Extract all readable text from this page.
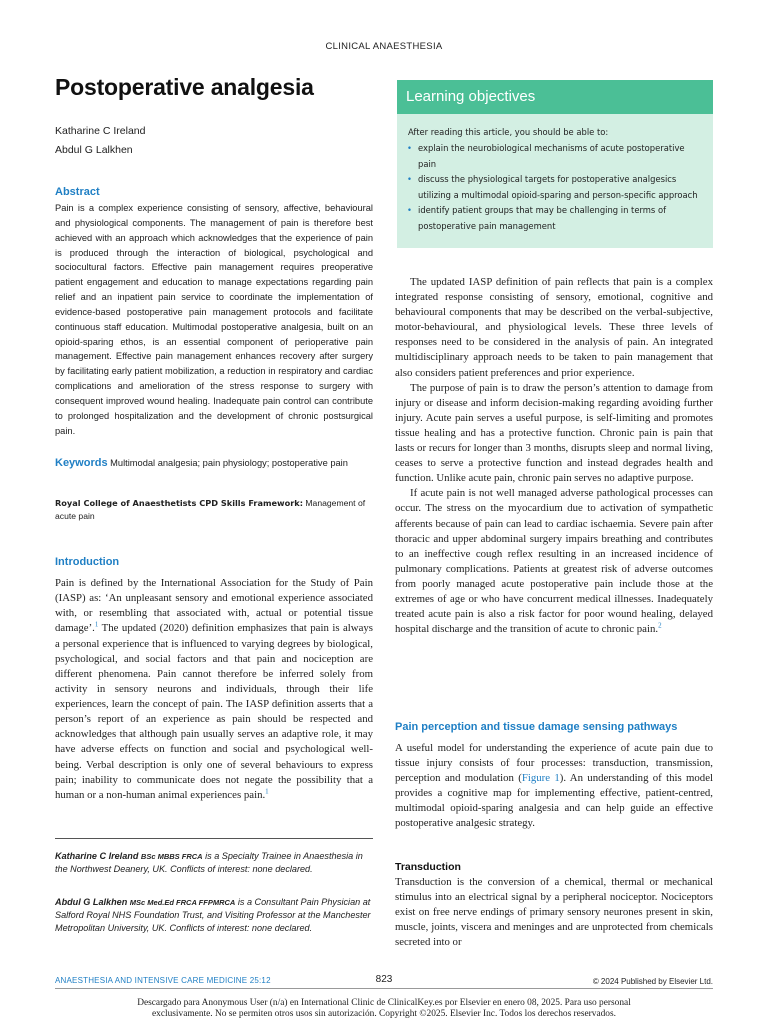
CLINICAL ANAESTHESIA
Postoperative analgesia
Katharine C Ireland
Abdul G Lalkhen
Abstract
Pain is a complex experience consisting of sensory, affective, behavioural and physiological components. The management of pain is therefore best achieved with an approach which acknowledges that the experience of pain is produced through the interaction of biological, psychological and sociocultural factors. Effective pain management requires preoperative patient engagement and education to manage expectations regarding pain relief and an inpatient pain service to coordinate the implementation of evidence-based postoperative pain management protocols and facilitate continuous staff education. Multimodal postoperative analgesia, built on an opioid-sparing ethos, is an essential component of perioperative pain management. Effective pain management enhances recovery after surgery by facilitating early patient mobilization, a reduction in respiratory and cardiac complications and amelioration of the stress response to surgery with consequent improved wound healing. Inadequate pain control can contribute to prolonged hospitalization and the development of chronic postsurgical pain.
Keywords Multimodal analgesia; pain physiology; postoperative pain
Royal College of Anaesthetists CPD Skills Framework: Management of acute pain
Introduction
Pain is defined by the International Association for the Study of Pain (IASP) as: ‘An unpleasant sensory and emotional experience associated with, or resembling that associated with, actual or potential tissue damage’.$^1$ The updated (2020) definition emphasizes that pain is always a personal experience that is influenced to varying degrees by biological, psychological, and social factors and that pain and nociception are different phenomena. Pain cannot therefore be inferred solely from activity in sensory neurons and individuals, through their life experiences, learn the concept of pain. The IASP definition asserts that a person’s report of an experience as pain should be respected and acknowledges that although pain usually serves an adaptive role, it may have adverse effects on function and social and psychological well-being. Verbal description is only one of several behaviours to express pain; inability to communicate does not negate the possibility that a human or a non-human animal experiences pain.$^1$
Katharine C Ireland BSc MBBS FRCA is a Specialty Trainee in Anaesthesia in the Northwest Deanery, UK. Conflicts of interest: none declared.
Abdul G Lalkhen MSc Med.Ed FRCA FFPMRCA is a Consultant Pain Physician at Salford Royal NHS Foundation Trust, and Visiting Professor at the Manchester Metropolitan University, UK. Conflicts of interest: none declared.
Learning objectives
After reading this article, you should be able to:
• explain the neurobiological mechanisms of acute postoperative pain
• discuss the physiological targets for postoperative analgesics utilizing a multimodal opioid-sparing and person-specific approach
• identify patient groups that may be challenging in terms of postoperative pain management

The updated IASP definition of pain reflects that pain is a complex integrated response consisting of sensory, emotional, cognitive and behavioural components that may be described on the verbal-subjective, motor-behavioural, and physiological levels. These three levels of responses need to be considered in the analysis of pain. An integrated multidisciplinary approach needs to be taken to pain management that also considers patient preferences and prior experience.

The purpose of pain is to draw the person’s attention to damage from injury or disease and inform decision-making regarding avoiding further injury. Acute pain serves a useful purpose, is self-limiting and promotes tissue healing and has a protective function. Chronic pain is pain that lasts or recurs for longer than 3 months, disrupts sleep and normal living, ceases to serve a protective function and instead degrades health and function. Unlike acute pain, chronic pain serves no adaptive purpose.

If acute pain is not well managed adverse pathological processes can occur. The stress on the myocardium due to activation of sympathetic afferents because of pain can lead to cardiac ischaemia. Severe pain after thoracic and upper abdominal surgery impairs breathing and contributes to an ineffective cough reflex resulting in an increased incidence of pulmonary complications. Patients at greatest risk of adverse outcomes from poorly managed acute postoperative pain include those at the extremes of age or who have concurrent medical illnesses. Inadequately treated acute pain is also a risk factor for poor wound healing, delayed hospital discharge and the transition of acute to chronic pain.$^2$

Pain perception and tissue damage sensing pathways
A useful model for understanding the experience of acute pain due to tissue injury consists of four processes: transduction, transmission, perception and modulation (Figure 1). An understanding of this model provides a cognitive map for implementing effective, patient-centred, multimodal opioid-sparing analgesia and can help guide an effective postoperative analgesic strategy.
Transduction
Transduction is the conversion of a chemical, thermal or mechanical stimulus into an electrical signal by a peripheral nociceptor. Nociceptors exist on free nerve endings of primary sensory neurones present in skin, muscle, joints, viscera and meninges and are unprotected from chemicals secreted into or
ANAESTHESIA AND INTENSIVE CARE MEDICINE 25:12	823	© 2024 Published by Elsevier Ltd.
Descargado para Anonymous User (n/a) en International Clinic de ClinicalKey.es por Elsevier en enero 08, 2025. Para uso personal
exclusivamente. No se permiten otros usos sin autorización. Copyright ©2025. Elsevier Inc. Todos los derechos reservados.
